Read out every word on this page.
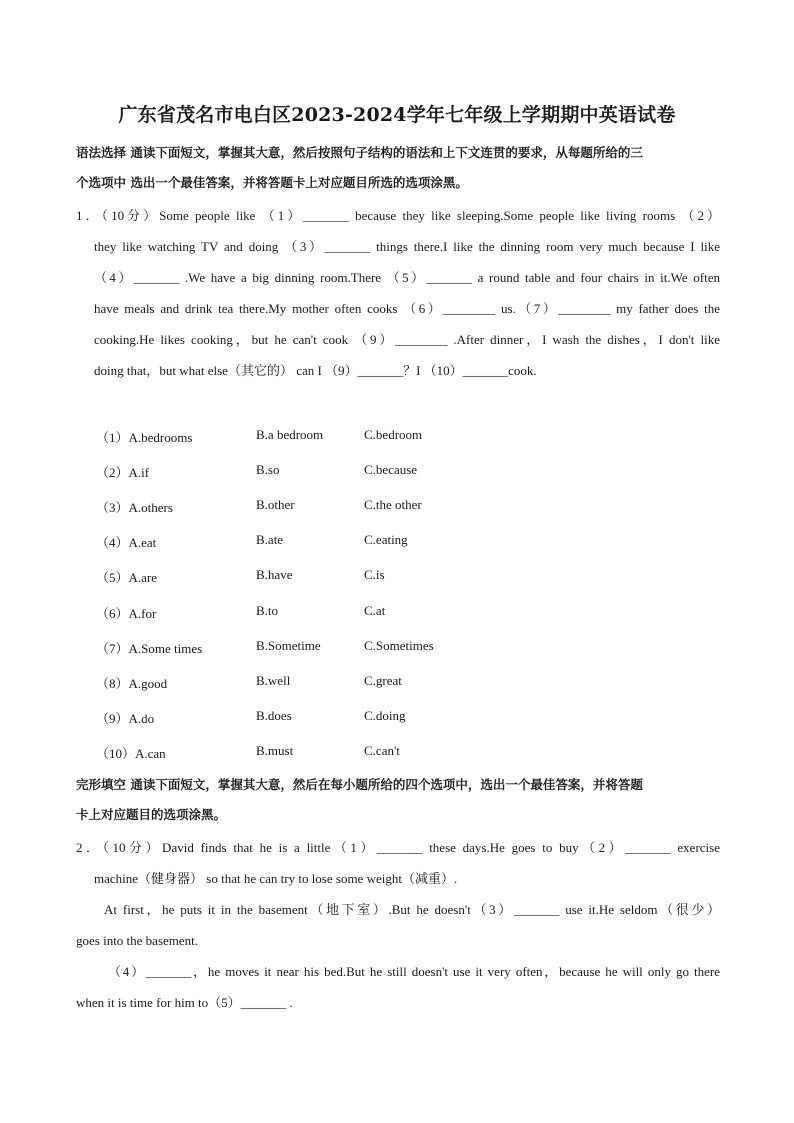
广东省茂名市电白区2023-2024学年七年级上学期期中英语试卷
语法选择 通读下面短文，掌握其大意，然后按照句子结构的语法和上下文连贯的要求，从每题所给的三
个选项中 选出一个最佳答案，并将答题卡上对应题目所选的选项涂黑。
1．（10分）Some people like （1）_______ because they like sleeping.Some people like living rooms （2）
they like watching TV and doing （3）_______ things there.I like the dinning room very much because I like
（4）_______ .We have a big dinning room.There （5）_______ a round table and four chairs in it.We often
have meals and drink tea there.My mother often cooks （6）________ us.（7）________ my father does the
cooking.He likes cooking，but he can't cook （9）________ .After dinner，I wash the dishes，I don't like
doing that，but what else（其它的） can I （9）_______？I （10）_______cook.
（1）A.bedrooms	B.a bedroom	C.bedroom
（2）A.if	B.so	C.because
（3）A.others	B.other	C.the other
（4）A.eat	B.ate	C.eating
（5）A.are	B.have	C.is
（6）A.for	B.to	C.at
（7）A.Some times	B.Sometime	C.Sometimes
（8）A.good	B.well	C.great
（9）A.do	B.does	C.doing
（10）A.can	B.must	C.can't
完形填空 通读下面短文，掌握其大意，然后在每小题所给的四个选项中，选出一个最佳答案，并将答题
卡上对应题目的选项涂黑。
2．（10分）David finds that he is a little（1）_______ these days.He goes to buy（2）_______ exercise
machine（健身器） so that he can try to lose some weight（减重）.
At first，he puts it in the basement（地下室）.But he doesn't（3）_______ use it.He seldom（很少）
goes into the basement.
（4）_______，he moves it near his bed.But he still doesn't use it very often，because he will only go there
when it is time for him to（5）_______ .
